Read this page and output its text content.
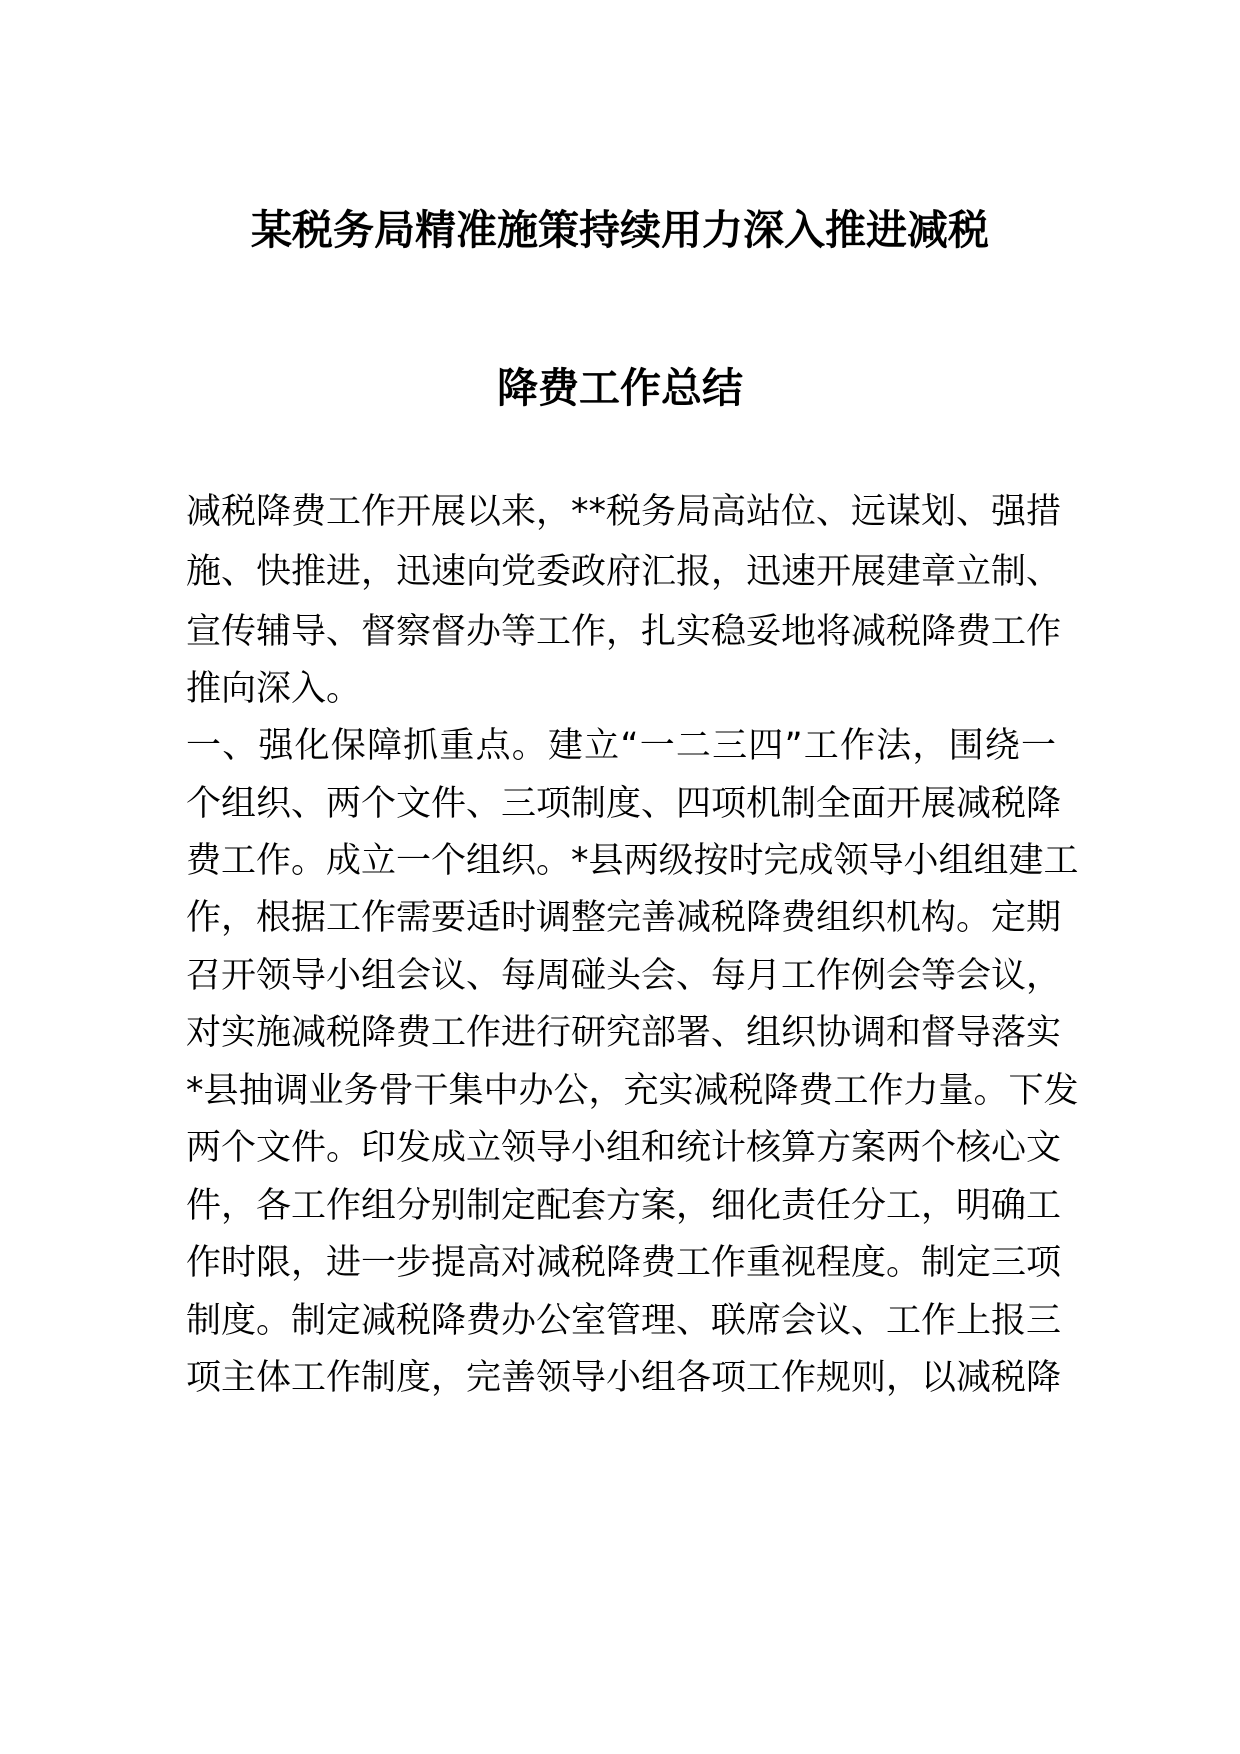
某税务局精准施策持续用力深入推进减税
降费工作总结

减税降费工作开展以来，**税务局高站位、远谋划、强措

施、快推进，迅速向党委政府汇报，迅速开展建章立制、

宣传辅导、督察督办等工作，扎实稳妥地将减税降费工作

推向深入。

一、强化保障抓重点。建立“一二三四”工作法，围绕一

个组织、两个文件、三项制度、四项机制全面开展减税降

费工作。成立一个组织。*县两级按时完成领导小组组建工

作，根据工作需要适时调整完善减税降费组织机构。定期

召开领导小组会议、每周碰头会、每月工作例会等会议，

对实施减税降费工作进行研究部署、组织协调和督导落实

*县抽调业务骨干集中办公，充实减税降费工作力量。下发

两个文件。印发成立领导小组和统计核算方案两个核心文

件，各工作组分别制定配套方案，细化责任分工，明确工

作时限，进一步提高对减税降费工作重视程度。制定三项

制度。制定减税降费办公室管理、联席会议、工作上报三

项主体工作制度，完善领导小组各项工作规则，以减税降
